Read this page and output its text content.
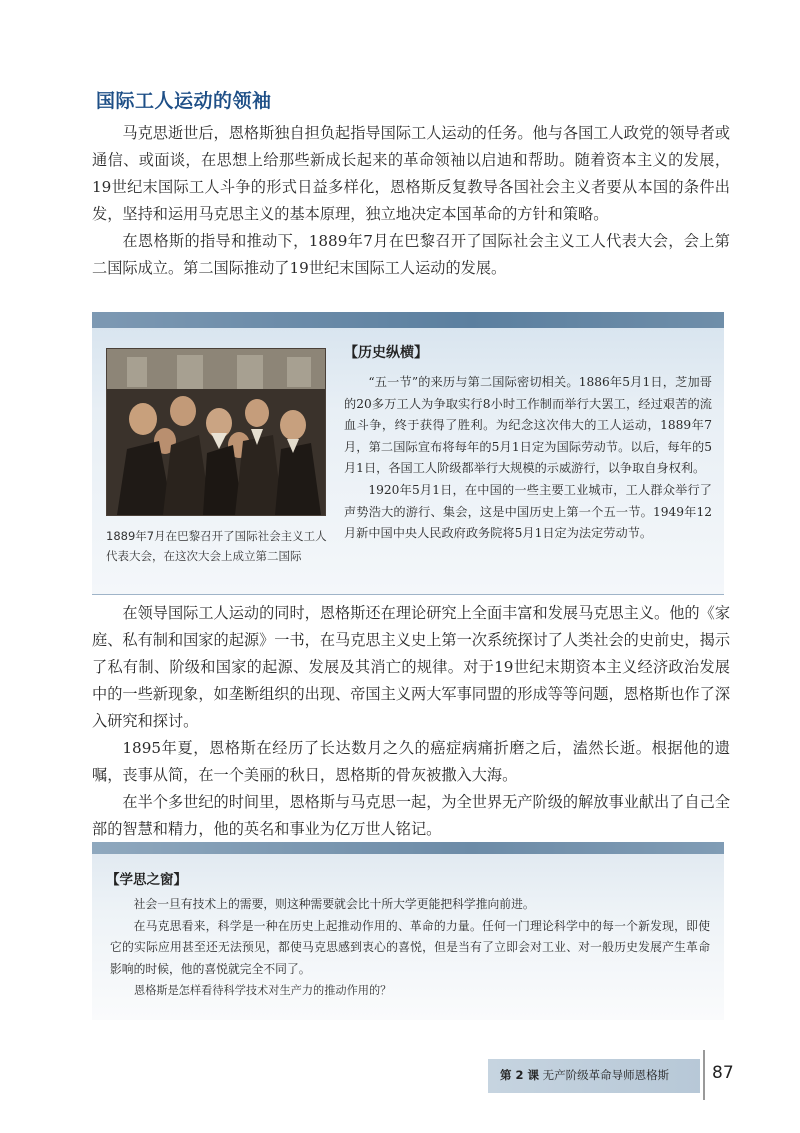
国际工人运动的领袖

马克思逝世后，恩格斯独自担负起指导国际工人运动的任务。他与各国工人政党的领导者或通信、或面谈，在思想上给那些新成长起来的革命领袖以启迪和帮助。随着资本主义的发展，19世纪末国际工人斗争的形式日益多样化，恩格斯反复教导各国社会主义者要从本国的条件出发，坚持和运用马克思主义的基本原理，独立地决定本国革命的方针和策略。

在恩格斯的指导和推动下，1889年7月在巴黎召开了国际社会主义工人代表大会，会上第二国际成立。第二国际推动了19世纪末国际工人运动的发展。

1889年7月在巴黎召开了国际社会主义工人代表大会，在这次大会上成立第二国际
【历史纵横】

“五一节”的来历与第二国际密切相关。1886年5月1日，芝加哥的20多万工人为争取实行8小时工作制而举行大罢工，经过艰苦的流血斗争，终于获得了胜利。为纪念这次伟大的工人运动，1889年7月，第二国际宣布将每年的5月1日定为国际劳动节。以后，每年的5月1日，各国工人阶级都举行大规模的示威游行，以争取自身权利。

1920年5月1日，在中国的一些主要工业城市，工人群众举行了声势浩大的游行、集会，这是中国历史上第一个五一节。1949年12月新中国中央人民政府政务院将5月1日定为法定劳动节。

在领导国际工人运动的同时，恩格斯还在理论研究上全面丰富和发展马克思主义。他的《家庭、私有制和国家的起源》一书，在马克思主义史上第一次系统探讨了人类社会的史前史，揭示了私有制、阶级和国家的起源、发展及其消亡的规律。对于19世纪末期资本主义经济政治发展中的一些新现象，如垄断组织的出现、帝国主义两大军事同盟的形成等等问题，恩格斯也作了深入研究和探讨。

1895年夏，恩格斯在经历了长达数月之久的癌症病痛折磨之后，溘然长逝。根据他的遗嘱，丧事从简，在一个美丽的秋日，恩格斯的骨灰被撒入大海。

在半个多世纪的时间里，恩格斯与马克思一起，为全世界无产阶级的解放事业献出了自己全部的智慧和精力，他的英名和事业为亿万世人铭记。

【学思之窗】

社会一旦有技术上的需要，则这种需要就会比十所大学更能把科学推向前进。

在马克思看来，科学是一种在历史上起推动作用的、革命的力量。任何一门理论科学中的每一个新发现，即使它的实际应用甚至还无法预见，都使马克思感到衷心的喜悦，但是当有了立即会对工业、对一般历史发展产生革命影响的时候，他的喜悦就完全不同了。

恩格斯是怎样看待科学技术对生产力的推动作用的？
第 2 课 无产阶级革命导师恩格斯	87
